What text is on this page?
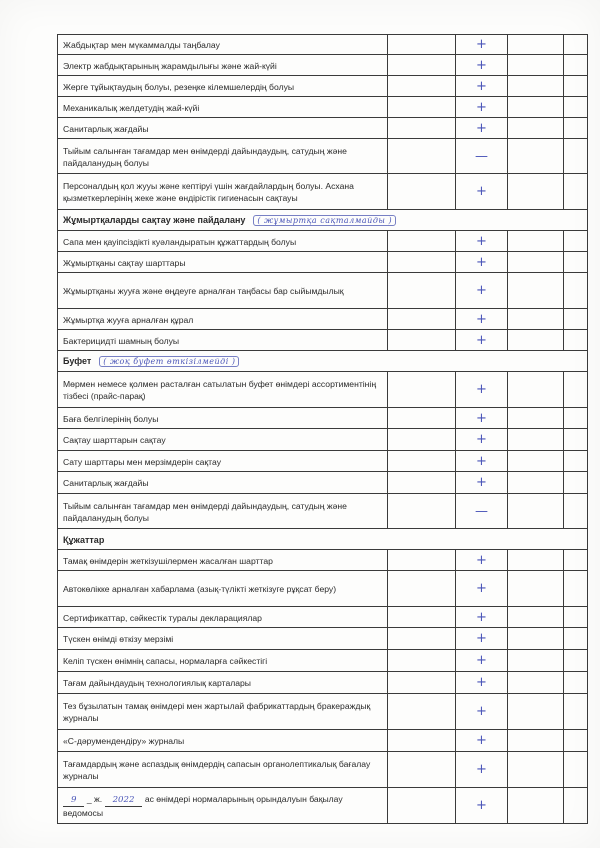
Жабдықтар мен мүкаммалды таңбалау		+		
Электр жабдықтарының жарамдылығы және жай-күйі		+		
Жерге тұйықтаудың болуы, резеңке кілемшелердің болуы		+		
Механикалық желдетудің жай-күйі		+		
Санитарлық жағдайы		+		
Тыйым салынған тағамдар мен өнімдерді дайындаудың, сатудың және пайдаланудың болуы		—		
Персоналдың қол жууы және кептіруі үшін жағдайлардың болуы. Асхана қызметкерлерінің жеке және өндірістік гигиенасын сақтауы		+		
Жұмыртқаларды сақтау және пайдалану ( жұмыртқа сақталмайды )				
Сапа мен қауіпсіздікті куәландыратын құжаттардың болуы		+		
Жұмыртқаны сақтау шарттары		+		
Жұмыртқаны жууға және өңдеуге арналған таңбасы бар сыйымдылық		+		
Жұмыртқа жууға арналған құрал		+		
Бактерицидті шамның болуы		+		
Буфет ( жоқ буфет өткізілмейді )				
Мөрмен немесе қолмен расталған сатылатын буфет өнімдері ассортиментінің тізбесі (прайс-парақ)		+		
Баға белгілерінің болуы		+		
Сақтау шарттарын сақтау		+		
Сату шарттары мен мерзімдерін сақтау		+		
Санитарлық жағдайы		+		
Тыйым салынған тағамдар мен өнімдерді дайындаудың, сатудың және пайдаланудың болуы		—		
Құжаттар				
Тамақ өнімдерін жеткізушілермен жасалған шарттар		+		
Автокөлікке арналған хабарлама (азық-түлікті жеткізуге рұқсат беру)		+		
Сертификаттар, сәйкестік туралы декларациялар		+		
Түскен өнімді өткізу мерзімі		+		
Келіп түскен өнімнің сапасы, нормаларға сәйкестігі		+		
Тағам дайындаудың технологиялық карталары		+		
Тез бұзылатын тамақ өнімдері мен жартылай фабрикаттардың бракераждық журналы		+		
«С-дәрумендендіру» журналы		+		
Тағамдардың және аспаздық өнімдердің сапасын органолептикалық бағалау журналы		+		
9 _ ж. 2022 ас өнімдері нормаларының орындалуын бақылау ведомосы		+		
